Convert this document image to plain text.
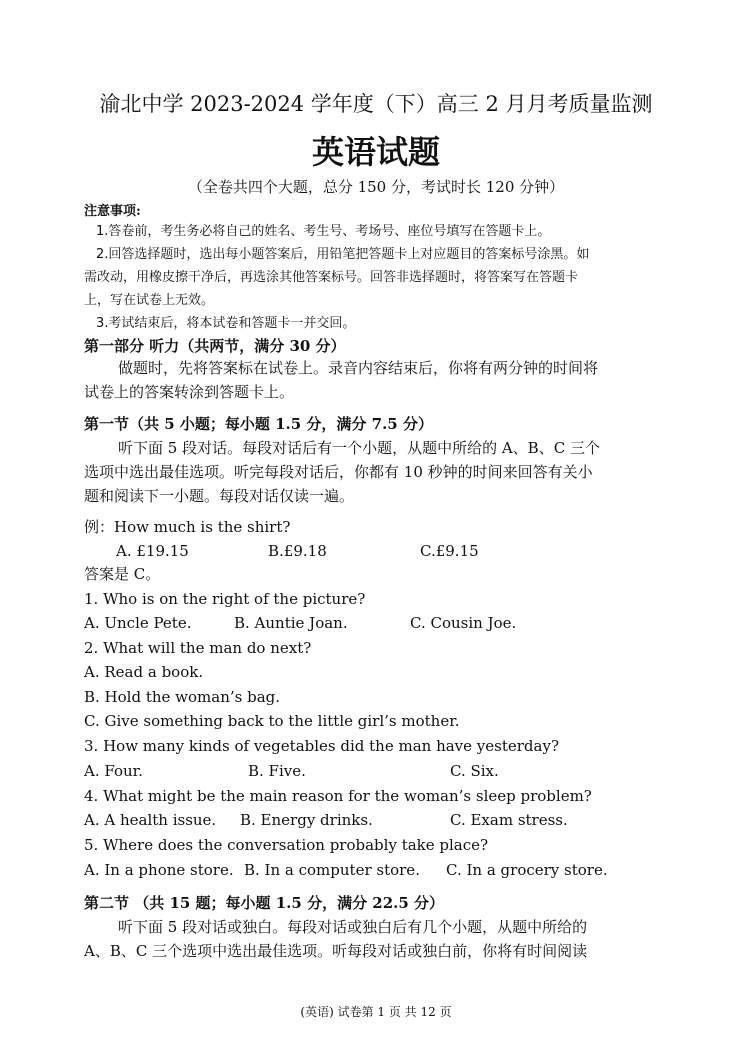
渝北中学 2023-2024 学年度（下）高三 2 月月考质量监测
英语试题
（全卷共四个大题，总分 150 分，考试时长 120 分钟）
注意事项:
1.答卷前，考生务必将自己的姓名、考生号、考场号、座位号填写在答题卡上。
2.回答选择题时，选出每小题答案后，用铅笔把答题卡上对应题目的答案标号涂黑。如
需改动，用橡皮擦干净后，再选涂其他答案标号。回答非选择题时，将答案写在答题卡
上，写在试卷上无效。
3.考试结束后，将本试卷和答题卡一并交回。
第一部分 听力（共两节，满分 30 分）
做题时，先将答案标在试卷上。录音内容结束后，你将有两分钟的时间将
试卷上的答案转涂到答题卡上。
第一节（共 5 小题；每小题 1.5 分，满分 7.5 分）
听下面 5 段对话。每段对话后有一个小题，从题中所给的 A、B、C 三个
选项中选出最佳选项。听完每段对话后，你都有 10 秒钟的时间来回答有关小
题和阅读下一小题。每段对话仅读一遍。
例：How much is the shirt?
A. £19.15	B.£9.18	C.£9.15
答案是 C。
1. Who is on the right of the picture?
A. Uncle Pete.	B. Auntie Joan.	C. Cousin Joe.
2. What will the man do next?
A. Read a book.
B. Hold the woman’s bag.
C. Give something back to the little girl’s mother.
3. How many kinds of vegetables did the man have yesterday?
A. Four.	B. Five.	C. Six.
4. What might be the main reason for the woman’s sleep problem?
A. A health issue. B. Energy drinks.	C. Exam stress.
5. Where does the conversation probably take place?
A. In a phone store. B. In a computer store. C. In a grocery store.
第二节 （共 15 题；每小题 1.5 分，满分 22.5 分）
听下面 5 段对话或独白。每段对话或独白后有几个小题，从题中所给的
A、B、C 三个选项中选出最佳选项。听每段对话或独白前，你将有时间阅读
(英语) 试卷第 1 页 共 12 页
